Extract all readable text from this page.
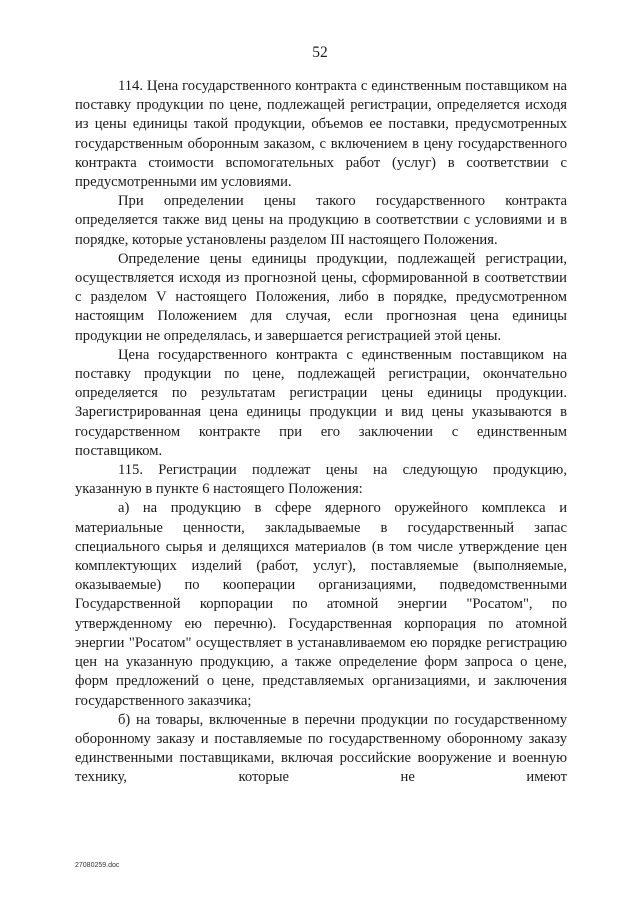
52

114. Цена государственного контракта с единственным поставщиком на поставку продукции по цене, подлежащей регистрации, определяется исходя из цены единицы такой продукции, объемов ее поставки, предусмотренных государственным оборонным заказом, с включением в цену государственного контракта стоимости вспомогательных работ (услуг) в соответствии с предусмотренными им условиями.

При определении цены такого государственного контракта определяется также вид цены на продукцию в соответствии с условиями и в порядке, которые установлены разделом III настоящего Положения.

Определение цены единицы продукции, подлежащей регистрации, осуществляется исходя из прогнозной цены, сформированной в соответствии с разделом V настоящего Положения, либо в порядке, предусмотренном настоящим Положением для случая, если прогнозная цена единицы продукции не определялась, и завершается регистрацией этой цены.

Цена государственного контракта с единственным поставщиком на поставку продукции по цене, подлежащей регистрации, окончательно определяется по результатам регистрации цены единицы продукции. Зарегистрированная цена единицы продукции и вид цены указываются в государственном контракте при его заключении с единственным поставщиком.

115. Регистрации подлежат цены на следующую продукцию, указанную в пункте 6 настоящего Положения:

а) на продукцию в сфере ядерного оружейного комплекса и материальные ценности, закладываемые в государственный запас специального сырья и делящихся материалов (в том числе утверждение цен комплектующих изделий (работ, услуг), поставляемые (выполняемые, оказываемые) по кооперации организациями, подведомственными Государственной корпорации по атомной энергии "Росатом", по утвержденному ею перечню). Государственная корпорация по атомной энергии "Росатом" осуществляет в устанавливаемом ею порядке регистрацию цен на указанную продукцию, а также определение форм запроса о цене, форм предложений о цене, представляемых организациями, и заключения государственного заказчика;

б) на товары, включенные в перечни продукции по государственному оборонному заказу и поставляемые по государственному оборонному заказу единственными поставщиками, включая российские вооружение и военную технику, которые не имеют

27080259.doc
